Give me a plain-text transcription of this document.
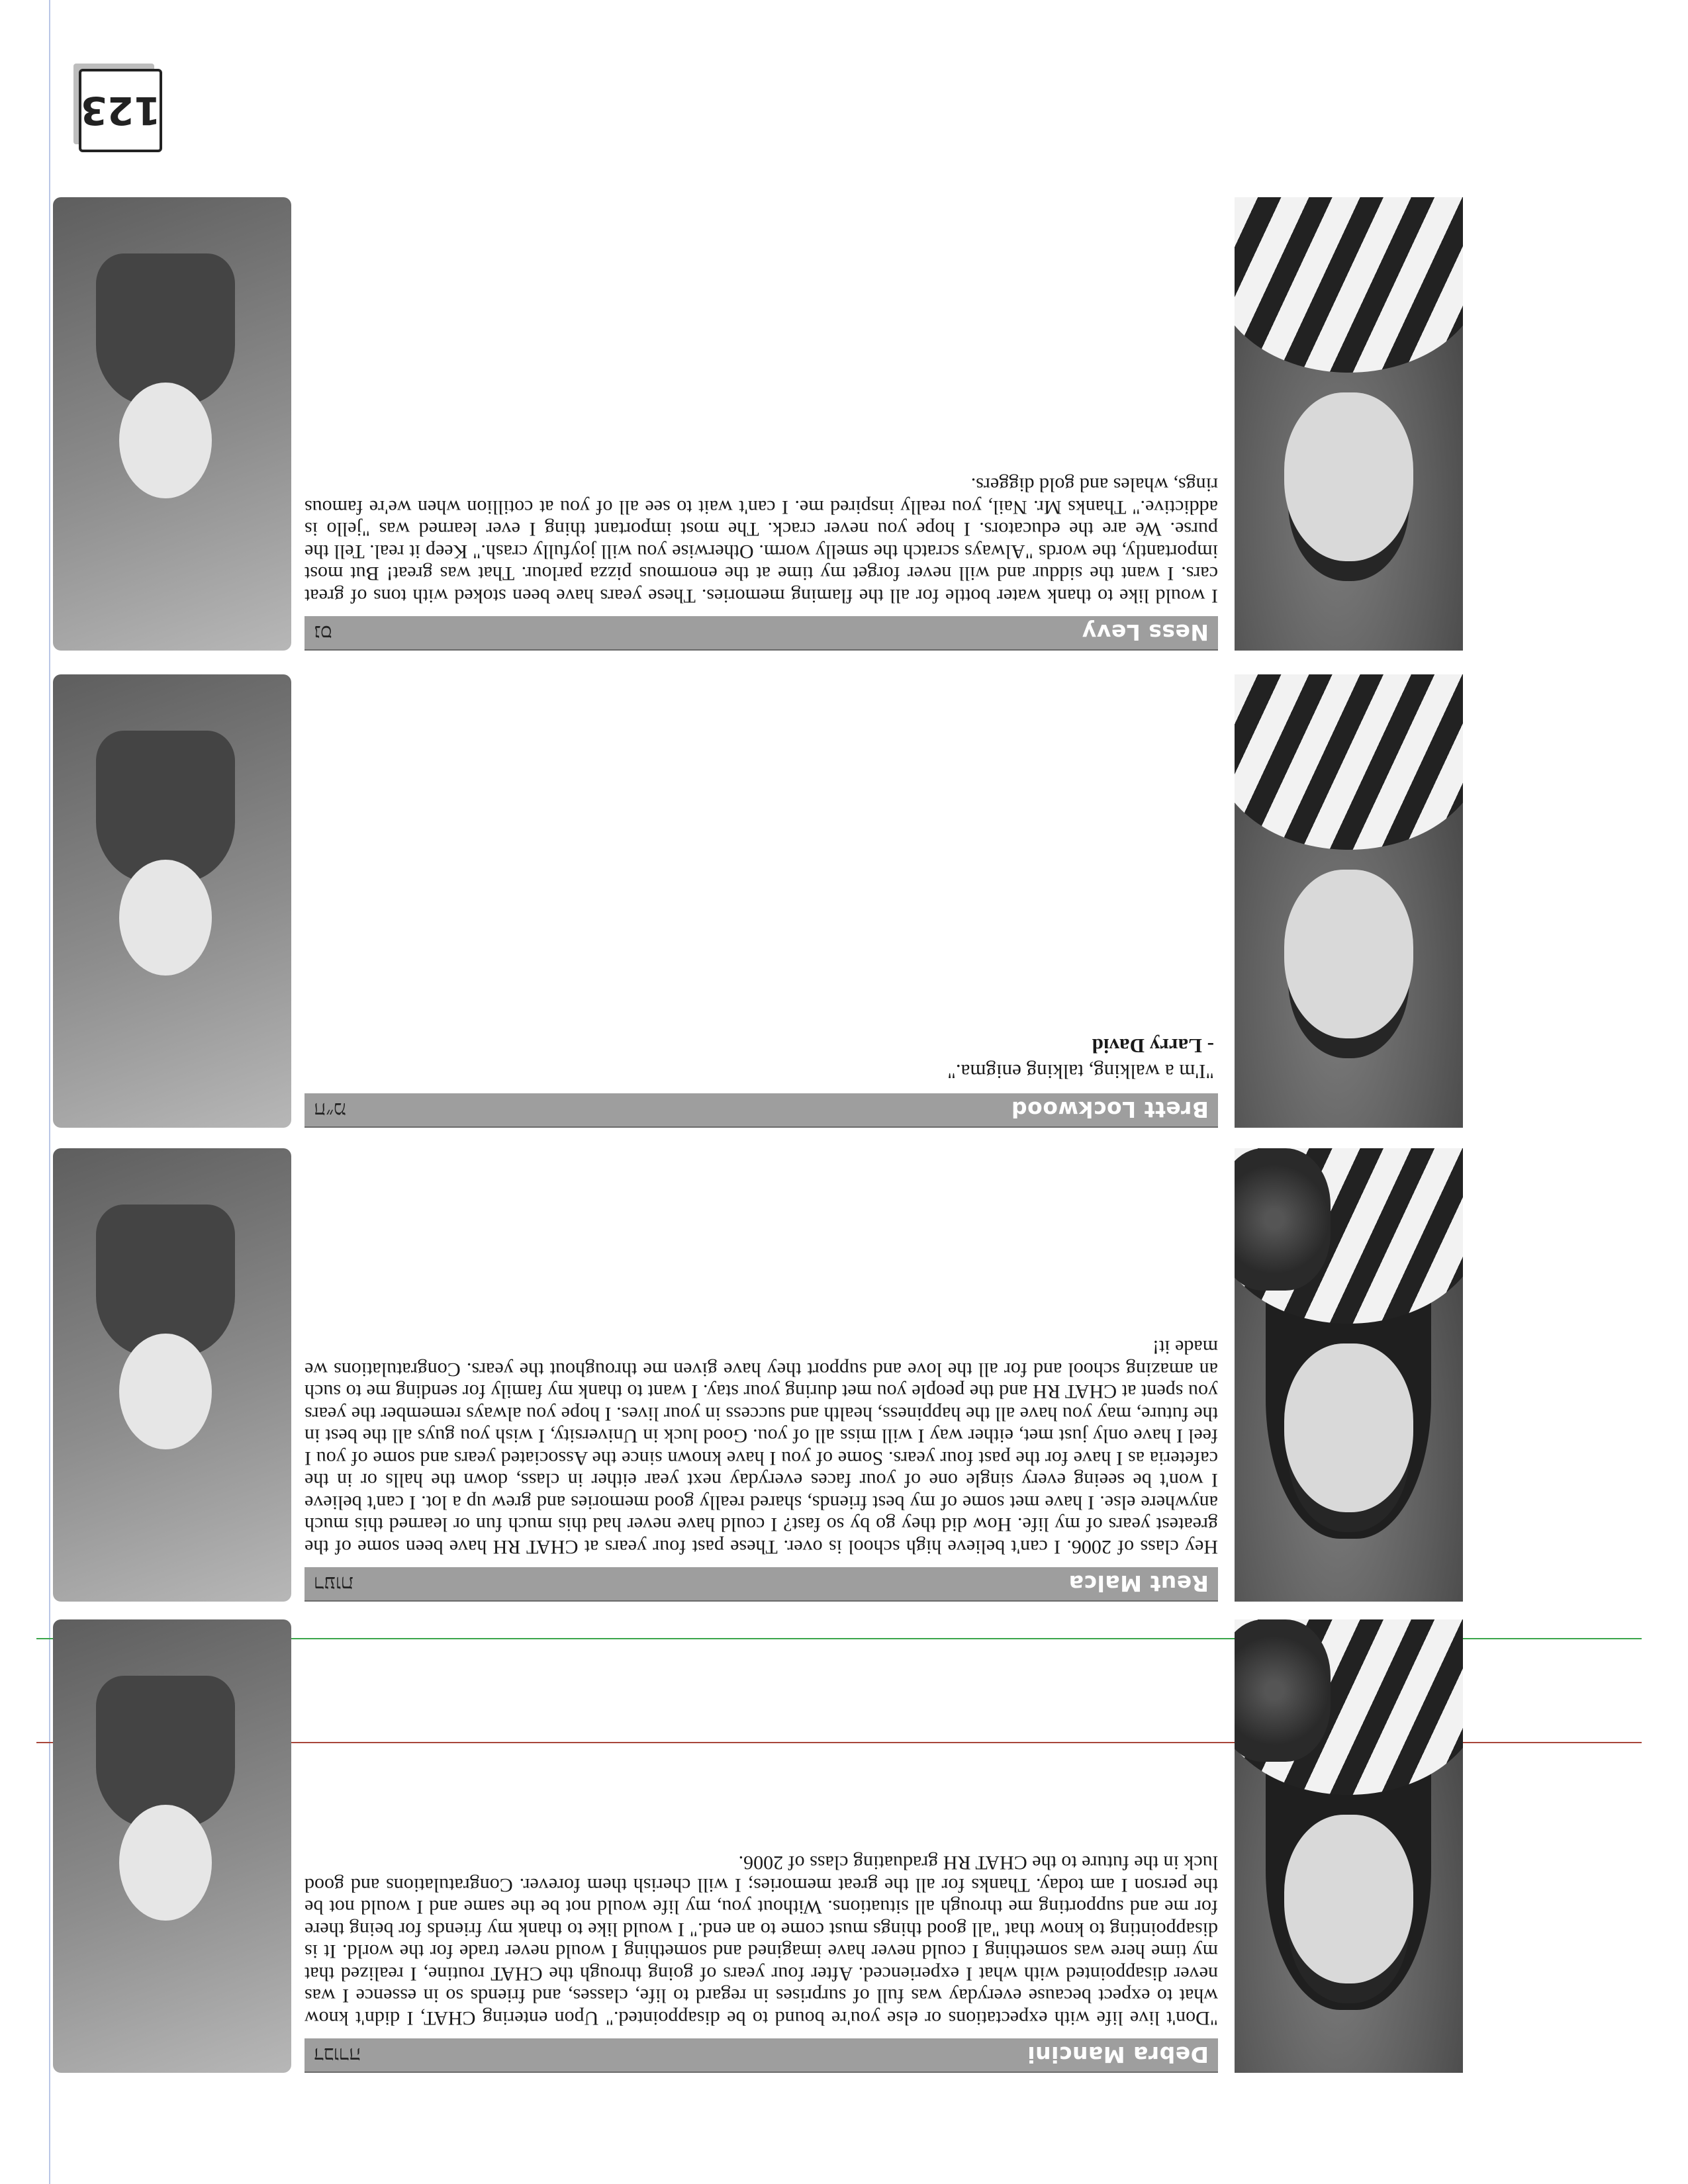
123
Debra Mancini
דבורה

"Don't live life with expectations or else you're bound to be disappointed." Upon entering CHAT, I didn't know what to expect because everyday was full of surprises in regard to life, classes, and friends so in essence I was never disappointed with what I experienced. After four years of going through the CHAT routine, I realized that my time here was something I could never have imagined and something I would never trade for the world. It is disappointing to know that "all good things must come to an end." I would like to thank my friends for being there for me and supporting me through all situations. Without you, my life would not be the same and I would not be the person I am today. Thanks for all the great memories; I will cherish them forever. Congratulations and good luck in the future to the CHAT RH graduating class of 2006.

Reut Malca
רעות

Hey class of 2006. I can't believe high school is over. These past four years at CHAT RH have been some of the greatest years of my life. How did they go by so fast? I could have never had this much fun or learned this much anywhere else. I have met some of my best friends, shared really good memories and grew up a lot. I can't believe I won't be seeing every single one of your faces everyday next year either in class, down the halls or in the cafeteria as I have for the past four years. Some of you I have known since the Associated years and some of you I feel I have only just met, either way I will miss all of you. Good luck in University, I wish you guys all the best in the future, may you have all the happiness, health and success in your lives. I hope you always remember the years you spent at CHAT RH and the people you met during your stay. I want to thank my family for sending me to such an amazing school and for all the love and support they have given me throughout the years. Congratulations we made it!

Brett Lockwood
ח״מ

"I'm a walking, talking enigma."

- Larry David

Ness Levy
נס

I would like to thank water bottle for all the flaming memories. These years have been stoked with tons of great cars. I want the siddur and will never forget my time at the enormous pizza parlour. That was great! But most importantly, the words "Always scratch the smelly worm. Otherwise you will joyfully crash." Keep it real. Tell the purse. We are the educators. I hope you never crack. The most important thing I ever learned was "jello is addictive." Thanks Mr. Nail, you really inspired me. I can't wait to see all of you at cotillion when we're famous rings, whales and gold diggers.
